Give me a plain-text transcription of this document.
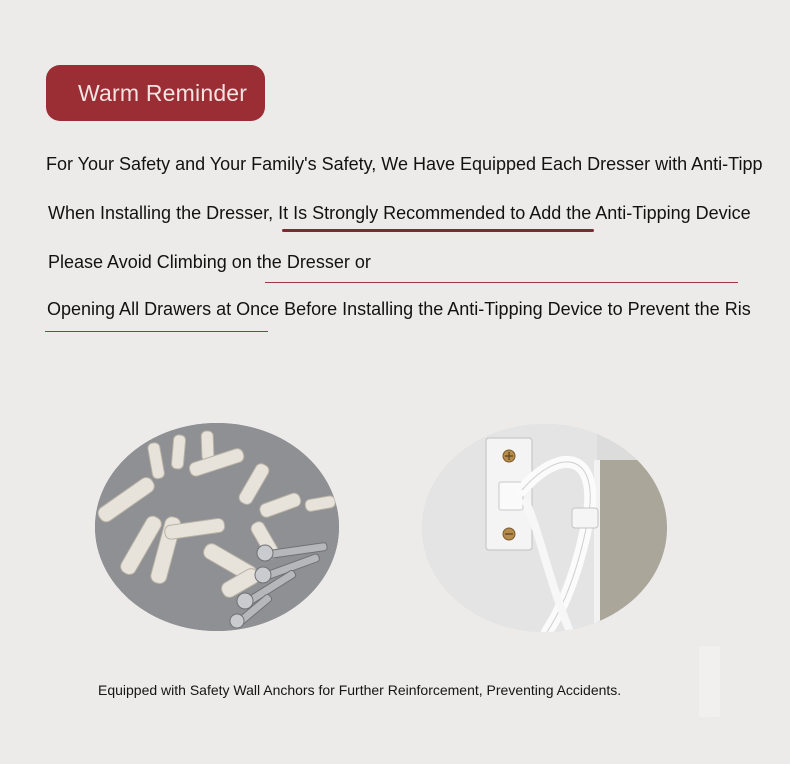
Warm Reminder
For Your Safety and Your Family's Safety, We Have Equipped Each Dresser with Anti-Tipp
When Installing the Dresser, It Is Strongly Recommended to Add the Anti-Tipping Device
Please Avoid Climbing on the Dresser or
Opening All Drawers at Once Before Installing the Anti-Tipping Device to Prevent the Ris
Equipped with Safety Wall Anchors for Further Reinforcement, Preventing Accidents.
